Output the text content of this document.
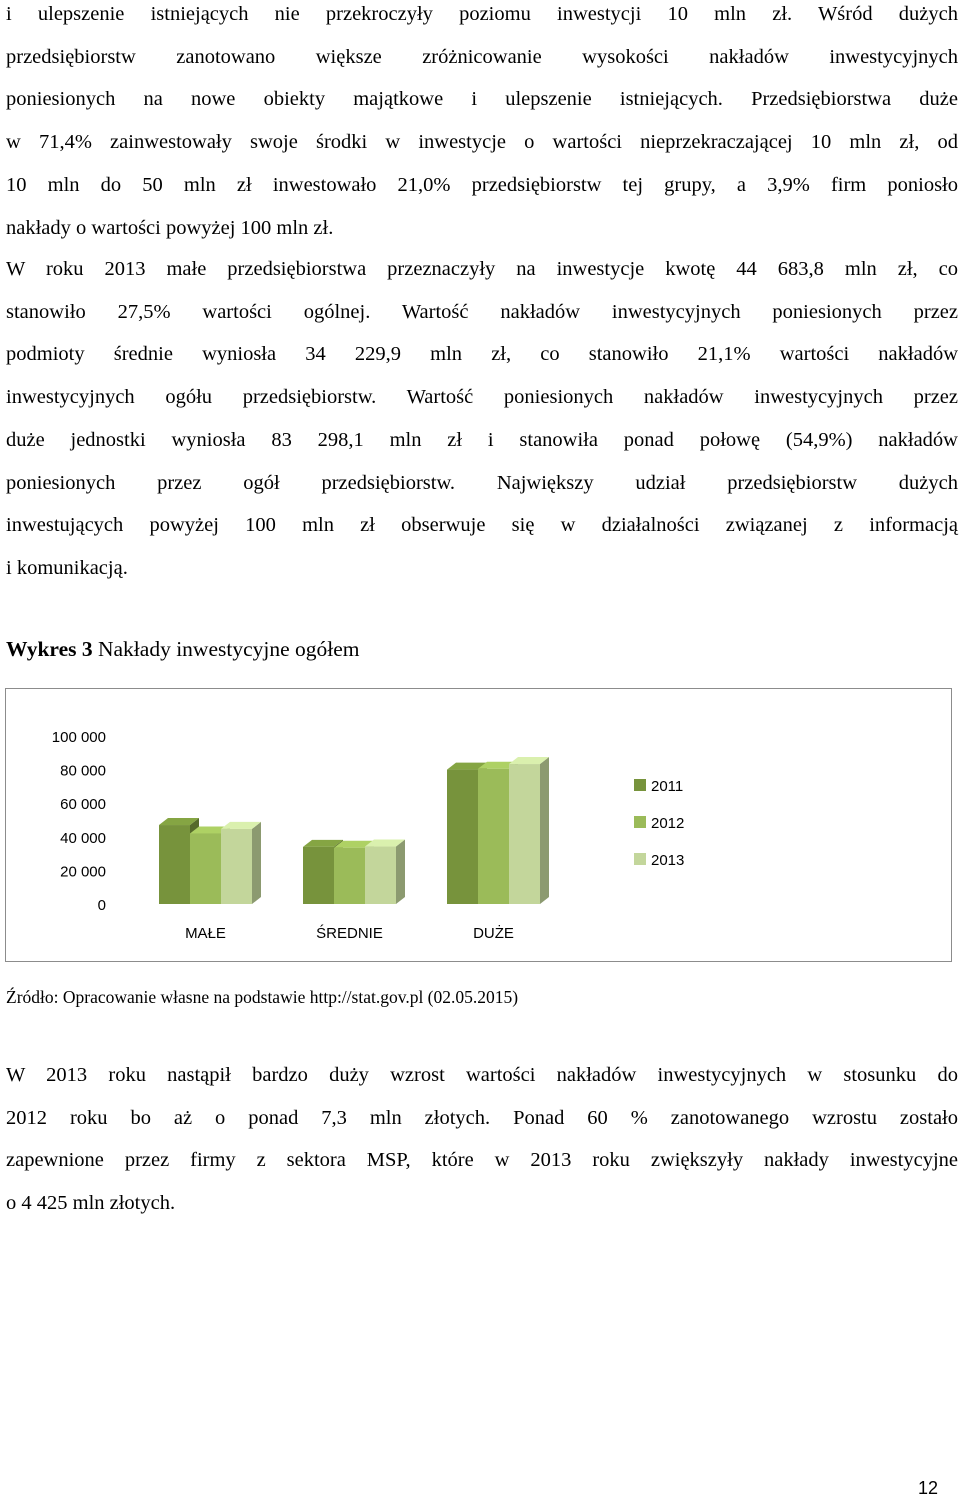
i ulepszenie istniejących nie przekroczyły poziomu inwestycji 10 mln zł. Wśród dużych
przedsiębiorstw zanotowano większe zróżnicowanie wysokości nakładów inwestycyjnych
poniesionych na nowe obiekty majątkowe i ulepszenie istniejących. Przedsiębiorstwa duże
w 71,4% zainwestowały swoje środki w inwestycje o wartości nieprzekraczającej 10 mln zł, od
10 mln do 50 mln zł inwestowało 21,0% przedsiębiorstw tej grupy, a 3,9% firm poniosło
nakłady o wartości powyżej 100 mln zł.
W roku 2013 małe przedsiębiorstwa przeznaczyły na inwestycje kwotę 44 683,8 mln zł, co
stanowiło 27,5% wartości ogólnej. Wartość nakładów inwestycyjnych poniesionych przez
podmioty średnie wyniosła 34 229,9 mln zł, co stanowiło 21,1% wartości nakładów
inwestycyjnych ogółu przedsiębiorstw. Wartość poniesionych nakładów inwestycyjnych przez
duże jednostki wyniosła 83 298,1 mln zł i stanowiła ponad połowę (54,9%) nakładów
poniesionych przez ogół przedsiębiorstw. Największy udział przedsiębiorstw dużych
inwestujących powyżej 100 mln zł obserwuje się w działalności związanej z informacją
i komunikacją.
Wykres 3 Nakłady inwestycyjne ogółem
100 000
80 000
60 000
40 000
20 000
0
MAŁE	ŚREDNIE	DUŻE
2011
2012
2013
Źródło: Opracowanie własne na podstawie http://stat.gov.pl (02.05.2015)
W 2013 roku nastąpił bardzo duży wzrost wartości nakładów inwestycyjnych w stosunku do
2012 roku bo aż o ponad 7,3 mln złotych. Ponad 60 % zanotowanego wzrostu zostało
zapewnione przez firmy z sektora MSP, które w 2013 roku zwiększyły nakłady inwestycyjne
o 4 425 mln złotych.
12
